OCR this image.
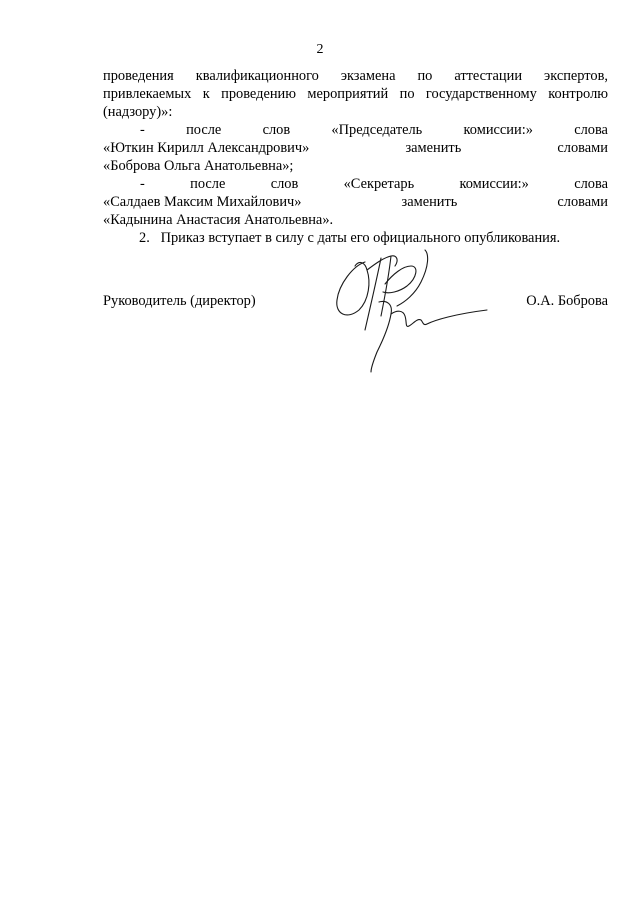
2
проведения квалификационного экзамена по аттестации экспертов,
привлекаемых к проведению мероприятий по государственному контролю
(надзору)»:
-	после	слов	«Председатель	комиссии:»	слова
«Юткин Кирилл Александрович»	заменить	словами
«Боброва Ольга Анатольевна»;
-	после	слов	«Секретарь	комиссии:»	слова
«Салдаев Максим Михайлович»	заменить	словами
«Кадынина Анастасия Анатольевна».
2.   Приказ вступает в силу с даты его официального опубликования.
Руководитель (директор)	О.А. Боброва
